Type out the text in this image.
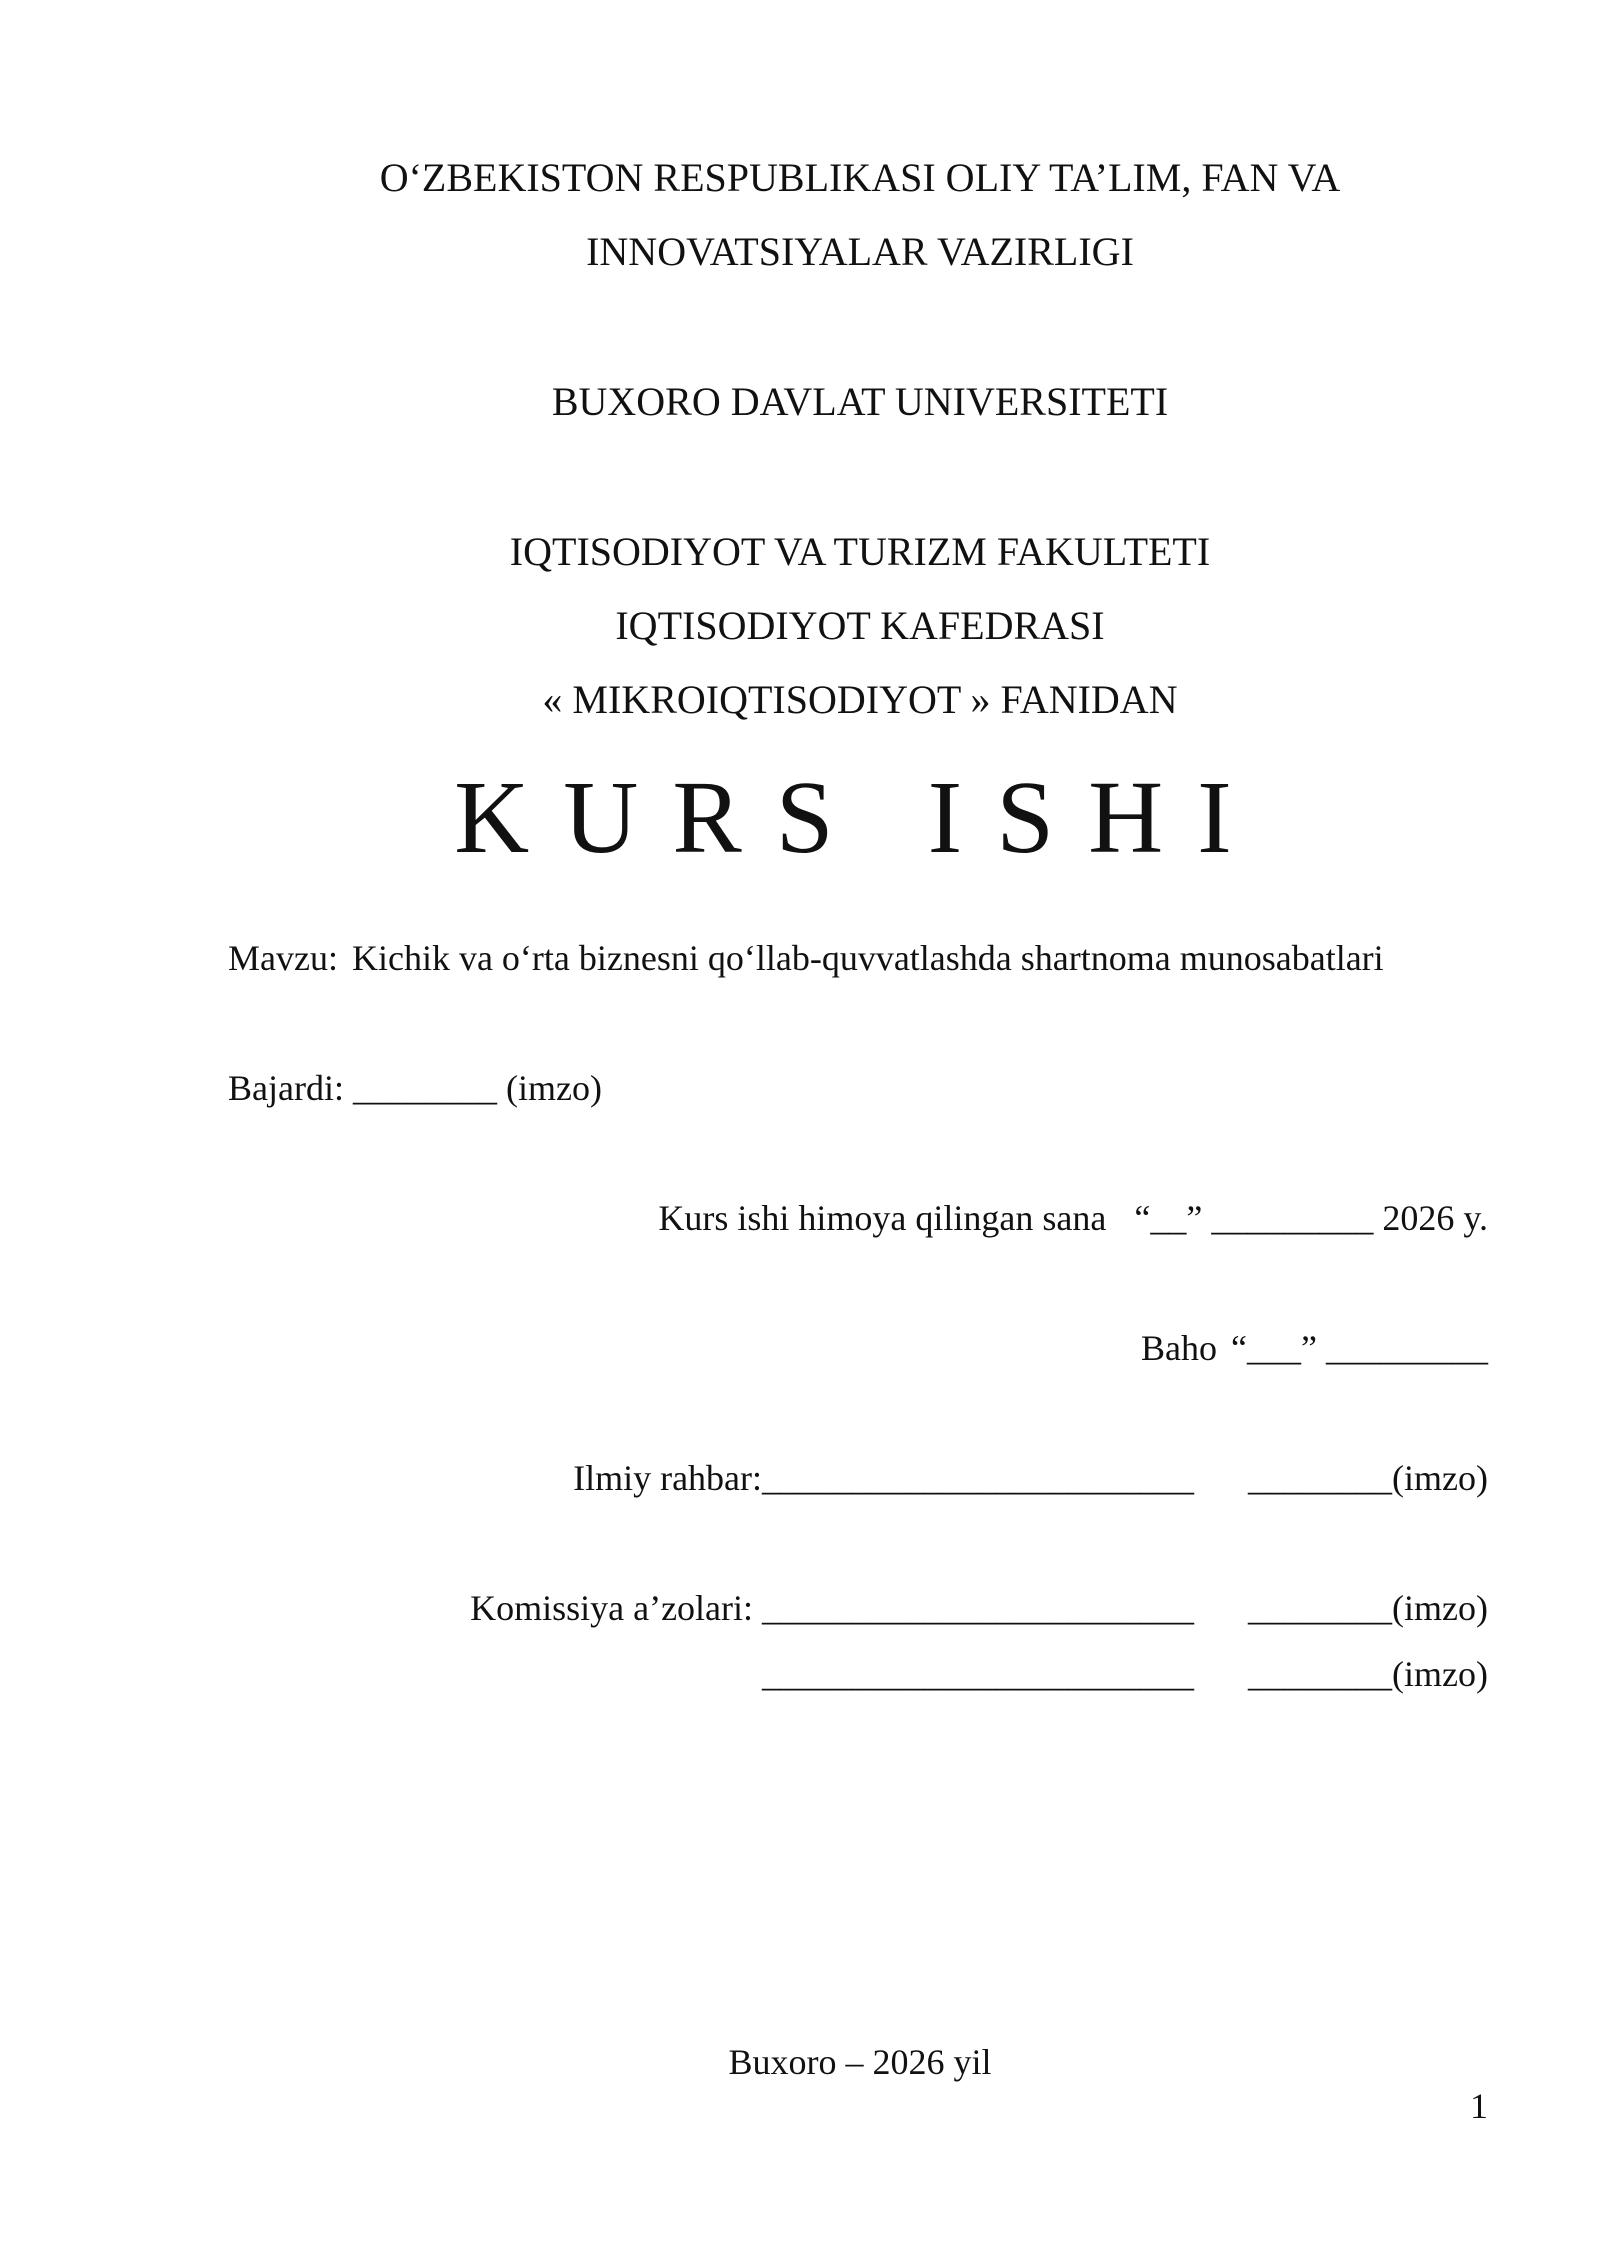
O‘ZBEKISTON RESPUBLIKASI OLIY TA’LIM, FAN VA
INNOVATSIYALAR VAZIRLIGI
BUXORO DAVLAT UNIVERSITETI
IQTISODIYOT VA TURIZM FAKULTETI
IQTISODIYOT KAFEDRASI
« MIKROIQTISODIYOT » FANIDAN
KURS ISHI
Mavzu: Kichik va o‘rta biznesni qo‘llab-quvvatlashda shartnoma munosabatlari
Bajardi: ________ (imzo)
Kurs ishi himoya qilingan sana “__” _________ 2026 y.
Baho “___” _________
Ilmiy rahbar:________________________ ________(imzo)
Komissiya a’zolari: ________________________ ________(imzo)
________________________ ________(imzo)
Buxoro – 2026 yil
1
